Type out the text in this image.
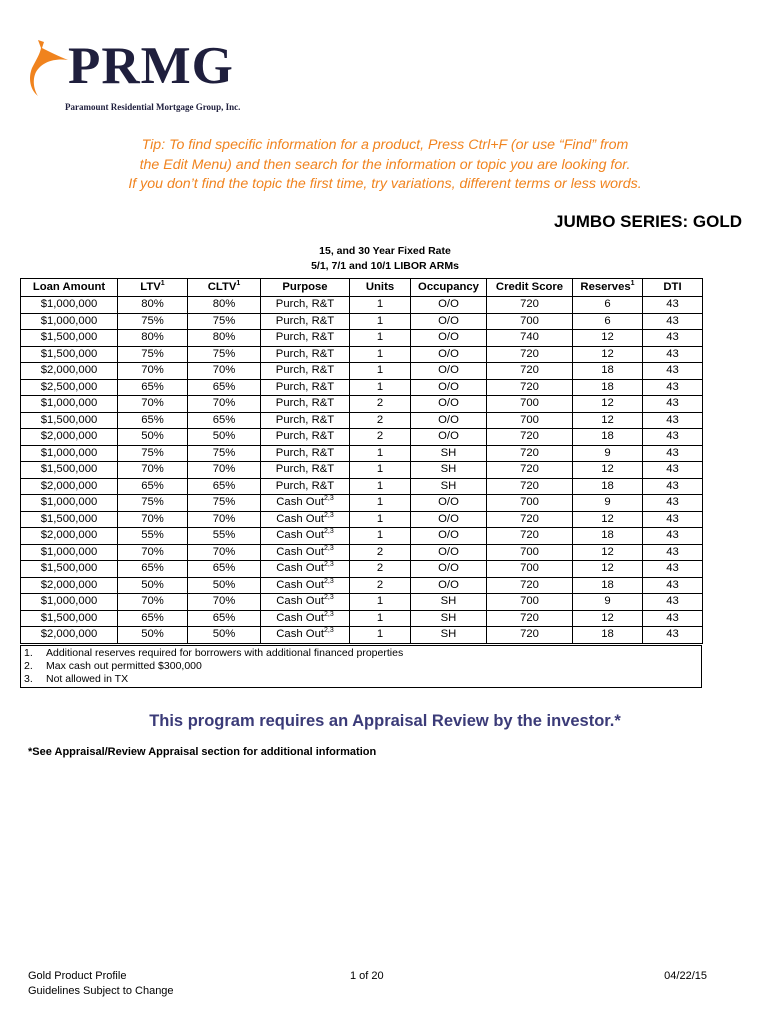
PRMG
Paramount Residential Mortgage Group, Inc.
Tip: To find specific information for a product, Press Ctrl+F (or use “Find” from
the Edit Menu) and then search for the information or topic you are looking for.
If you don’t find the topic the first time, try variations, different terms or less words.
JUMBO SERIES: GOLD
15, and 30 Year Fixed Rate
5/1, 7/1 and 10/1 LIBOR ARMs
Loan Amount	LTV$^1$	CLTV$^1$	Purpose	Units	Occupancy	Credit Score	Reserves$^1$	DTI
$1,000,000	80%	80%	Purch, R&T	1	O/O	720	6	43
$1,000,000	75%	75%	Purch, R&T	1	O/O	700	6	43
$1,500,000	80%	80%	Purch, R&T	1	O/O	740	12	43
$1,500,000	75%	75%	Purch, R&T	1	O/O	720	12	43
$2,000,000	70%	70%	Purch, R&T	1	O/O	720	18	43
$2,500,000	65%	65%	Purch, R&T	1	O/O	720	18	43
$1,000,000	70%	70%	Purch, R&T	2	O/O	700	12	43
$1,500,000	65%	65%	Purch, R&T	2	O/O	700	12	43
$2,000,000	50%	50%	Purch, R&T	2	O/O	720	18	43
$1,000,000	75%	75%	Purch, R&T	1	SH	720	9	43
$1,500,000	70%	70%	Purch, R&T	1	SH	720	12	43
$2,000,000	65%	65%	Purch, R&T	1	SH	720	18	43
$1,000,000	75%	75%	Cash Out$^{2,3}$	1	O/O	700	9	43
$1,500,000	70%	70%	Cash Out$^{2,3}$	1	O/O	720	12	43
$2,000,000	55%	55%	Cash Out$^{2,3}$	1	O/O	720	18	43
$1,000,000	70%	70%	Cash Out$^{2,3}$	2	O/O	700	12	43
$1,500,000	65%	65%	Cash Out$^{2,3}$	2	O/O	700	12	43
$2,000,000	50%	50%	Cash Out$^{2,3}$	2	O/O	720	18	43
$1,000,000	70%	70%	Cash Out$^{2,3}$	1	SH	700	9	43
$1,500,000	65%	65%	Cash Out$^{2,3}$	1	SH	720	12	43
$2,000,000	50%	50%	Cash Out$^{2,3}$	1	SH	720	18	43
1.	Additional reserves required for borrowers with additional financed properties
2.	Max cash out permitted $300,000
3.	Not allowed in TX
This program requires an Appraisal Review by the investor.*
*See Appraisal/Review Appraisal section for additional information
Gold Product Profile
Guidelines Subject to Change
1 of 20	04/22/15
